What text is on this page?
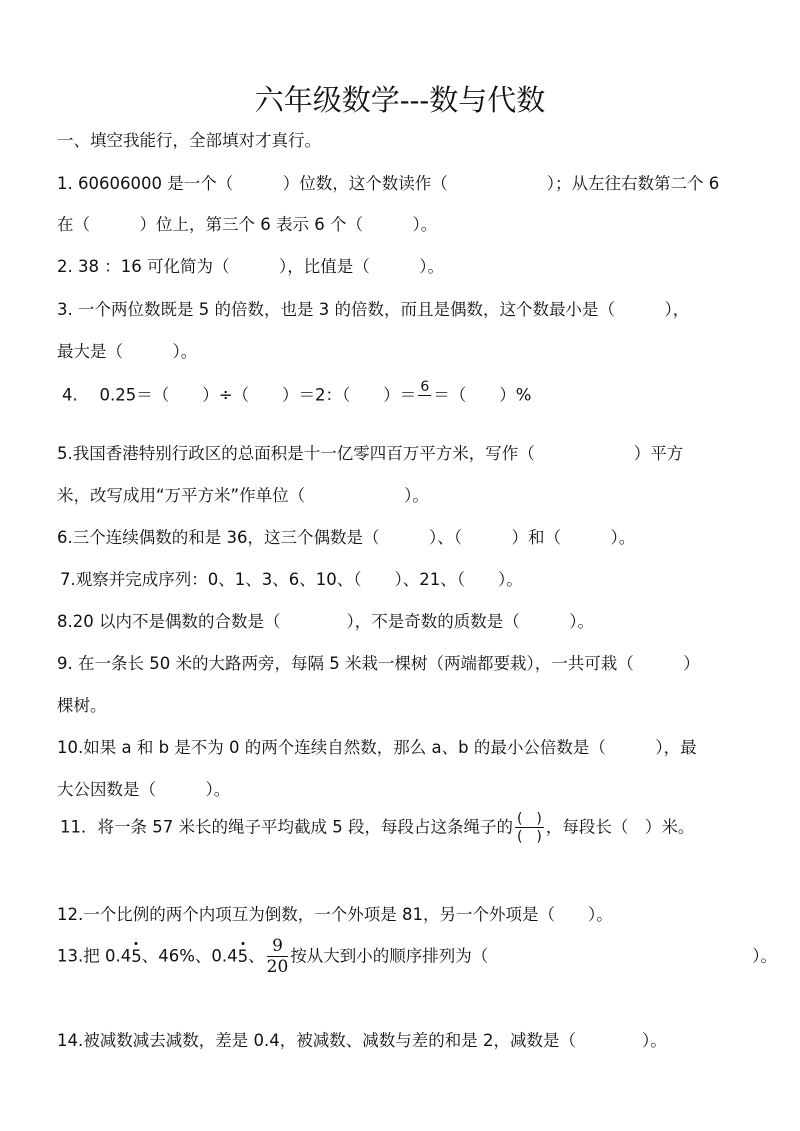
六年级数学---数与代数
一、填空我能行，全部填对才真行。
1. 60606000 是一个（　　　）位数，这个数读作（　　　　　　）；从左往右数第二个 6
在（　　　）位上，第三个 6 表示 6 个（　　　）。
2. 38 ：16 可化简为（　　　），比值是（　　　）。
3. 一个两位数既是 5 的倍数，也是 3 的倍数，而且是偶数，这个数最小是（　　　），
最大是（　　　）。
4.　 0.25＝（　　）÷（　　）＝2：（　　）＝ 6
＝（　　）%
5.我国香港特别行政区的总面积是十一亿零四百万平方米，写作（　　　　　　）平方
米，改写成用“万平方米”作单位（　　　　　　）。
6.三个连续偶数的和是 36，这三个偶数是（　　　）、（　　　）和（　　　）。
7.观察并完成序列：0、1、3、6、10、（　　）、21、（　　）。
8.20 以内不是偶数的合数是（　　　　），不是奇数的质数是（　　　）。
9. 在一条长 50 米的大路两旁，每隔 5 米栽一棵树（两端都要栽），一共可栽（　　　）
棵树。
10.如果 a 和 b 是不为 0 的两个连续自然数，那么 a、b 的最小公倍数是（　　　），最
大公因数是（　　　）。
11．将一条 57 米长的绳子平均截成 5 段，每段占这条绳子的 $\frac{( )}{( )}$ ，每段长（　）米。
12.一个比例的两个内项互为倒数，一个外项是 81，另一个外项是（　　）。
13.把 0.45、46%、0.45、 $\frac{9}{20}$ 按从大到小的顺序排列为（　　　　　　　　　　　　　　　　）。
14.被减数减去减数，差是 0.4，被减数、减数与差的和是 2，减数是（　　　　）。
